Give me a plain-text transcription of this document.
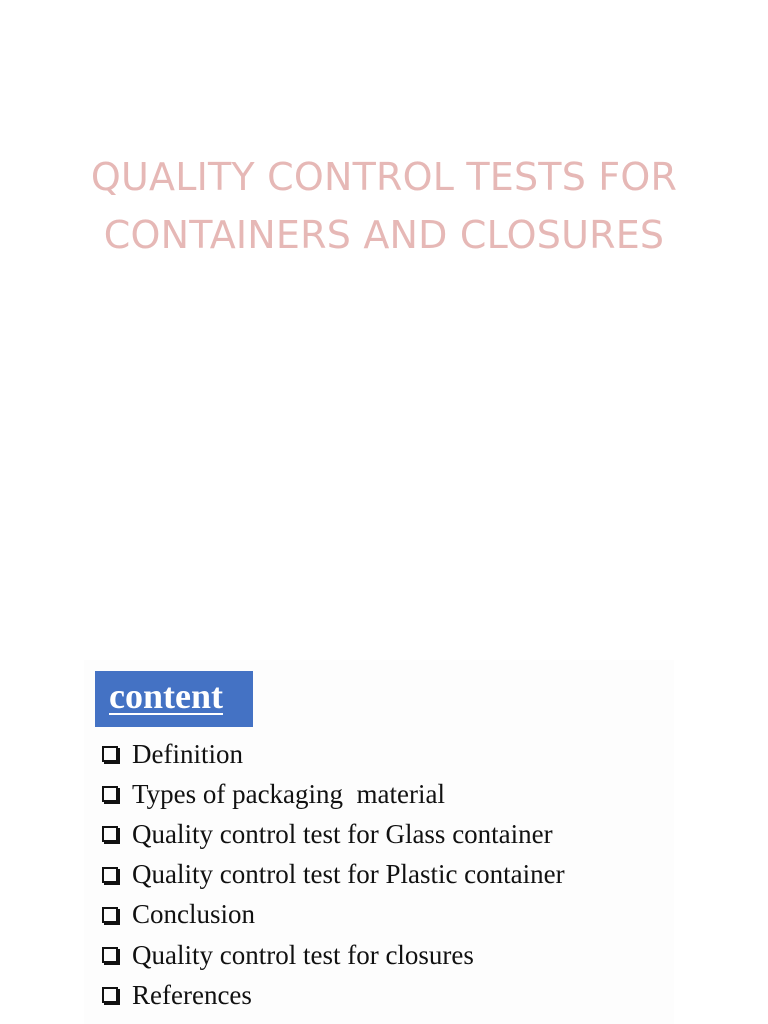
QUALITY CONTROL TESTS FOR
CONTAINERS AND CLOSURES
content
Definition
Types of packaging  material
Quality control test for Glass container
Quality control test for Plastic container
Conclusion
Quality control test for closures
References
